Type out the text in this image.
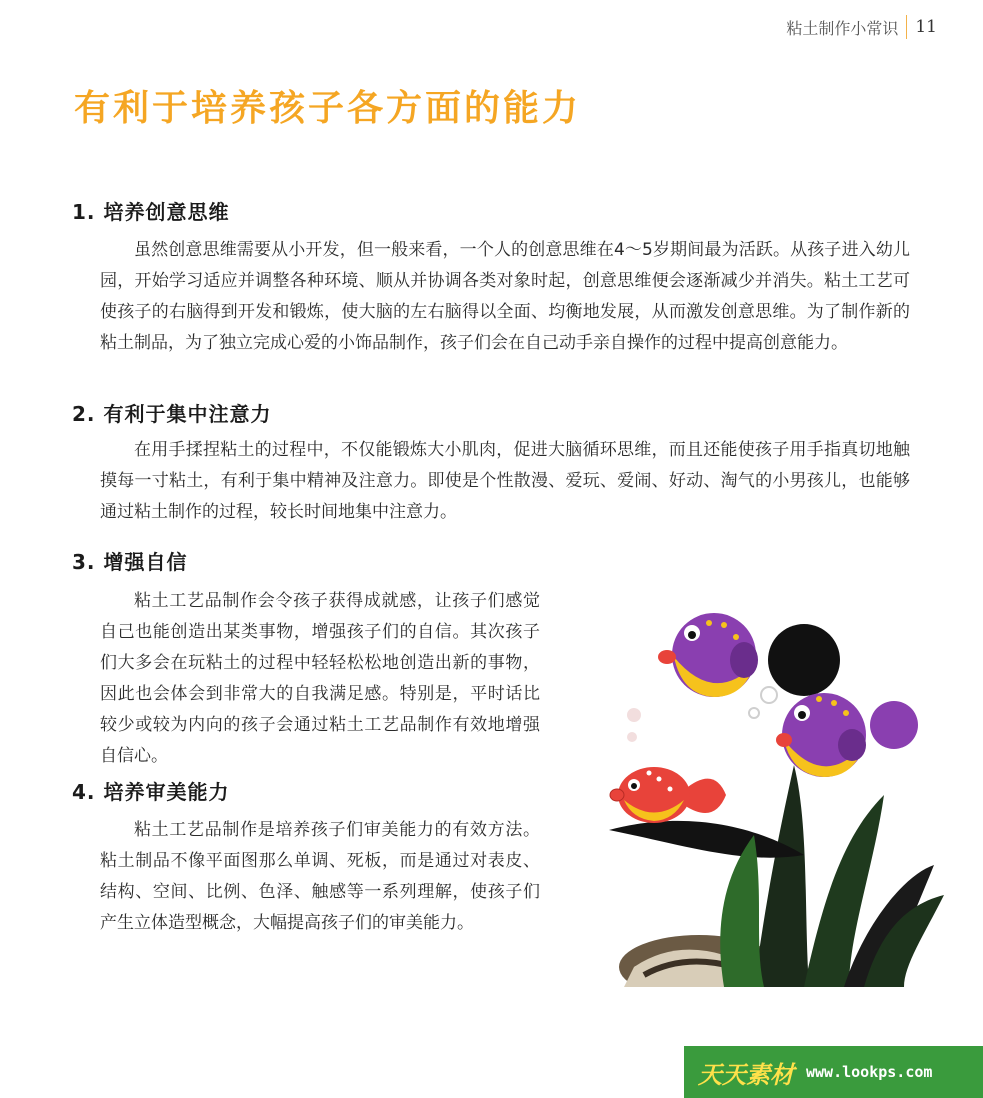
粘土制作小常识 11
有利于培养孩子各方面的能力
1. 培养创意思维

虽然创意思维需要从小开发，但一般来看，一个人的创意思维在4～5岁期间最为活跃。从孩子进入幼儿园，开始学习适应并调整各种环境、顺从并协调各类对象时起，创意思维便会逐渐减少并消失。粘土工艺可使孩子的右脑得到开发和锻炼，使大脑的左右脑得以全面、均衡地发展，从而激发创意思维。为了制作新的粘土制品，为了独立完成心爱的小饰品制作，孩子们会在自己动手亲自操作的过程中提高创意能力。

2. 有利于集中注意力

在用手揉捏粘土的过程中，不仅能锻炼大小肌肉，促进大脑循环思维，而且还能使孩子用手指真切地触摸每一寸粘土，有利于集中精神及注意力。即使是个性散漫、爱玩、爱闹、好动、淘气的小男孩儿，也能够通过粘土制作的过程，较长时间地集中注意力。

3. 增强自信

粘土工艺品制作会令孩子获得成就感，让孩子们感觉自己也能创造出某类事物，增强孩子们的自信。其次孩子们大多会在玩粘土的过程中轻轻松松地创造出新的事物，因此也会体会到非常大的自我满足感。特别是，平时话比较少或较为内向的孩子会通过粘土工艺品制作有效地增强自信心。

4. 培养审美能力

粘土工艺品制作是培养孩子们审美能力的有效方法。粘土制品不像平面图那么单调、死板，而是通过对表皮、结构、空间、比例、色泽、触感等一系列理解，使孩子们产生立体造型概念，大幅提高孩子们的审美能力。

天天素材 www.lookps.com
